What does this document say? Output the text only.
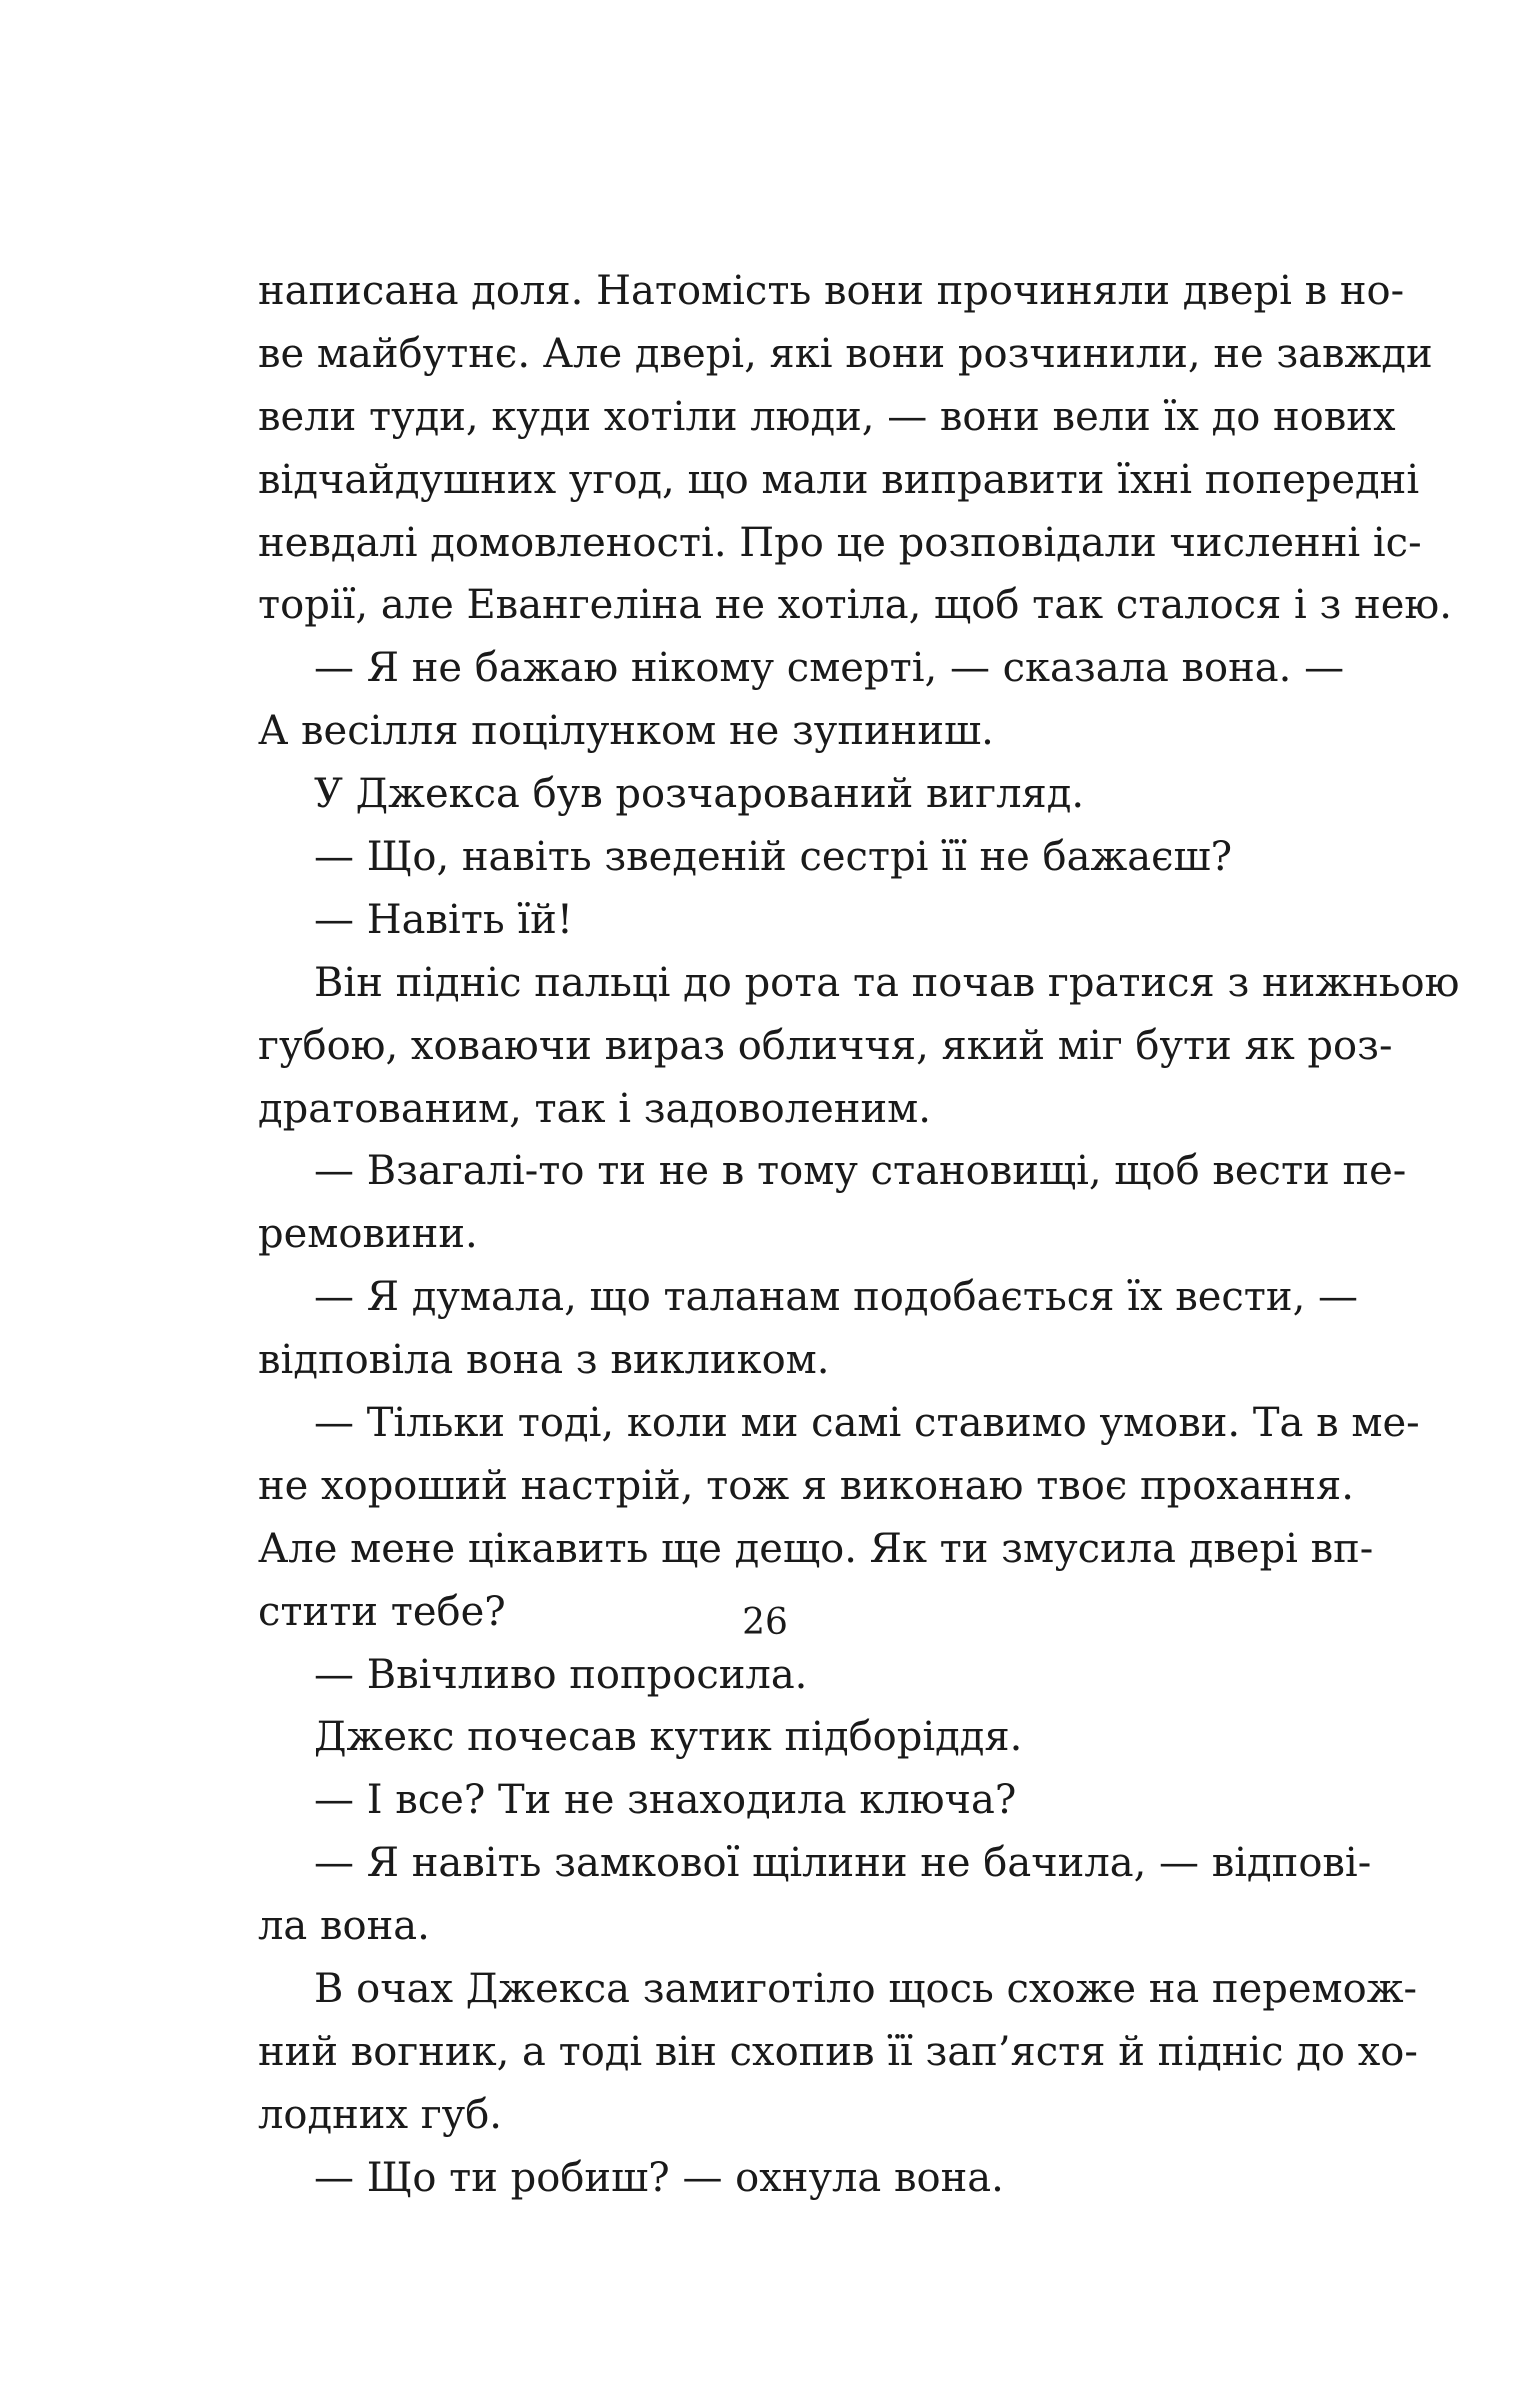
написана доля. Натомість вони прочиняли двері в но-
ве майбутнє. Але двері, які вони розчинили, не завжди
вели туди, куди хотіли люди, — вони вели їх до нових
відчайдушних угод, що мали виправити їхні попередні
невдалі домовленості. Про це розповідали численні іс-
торії, але Евангеліна не хотіла, щоб так сталося і з нею.
— Я не бажаю нікому смерті, — сказала вона. —
А весілля поцілунком не зупиниш.
У Джекса був розчарований вигляд.
— Що, навіть зведеній сестрі її не бажаєш?
— Навіть їй!
Він підніс пальці до рота та почав гратися з нижньою
губою, ховаючи вираз обличчя, який міг бути як роз-
дратованим, так і задоволеним.
— Взагалі-то ти не в тому становищі, щоб вести пе-
ремовини.
— Я думала, що таланам подобається їх вести, —
відповіла вона з викликом.
— Тільки тоді, коли ми самі ставимо умови. Та в ме-
не хороший настрій, тож я виконаю твоє прохання.
Але мене цікавить ще дещо. Як ти змусила двері вп-
стити тебе?
— Ввічливо попросила.
Джекс почесав кутик підборіддя.
— І все? Ти не знаходила ключа?
— Я навіть замкової щілини не бачила, — відпові-
ла вона.
В очах Джекса замиготіло щось схоже на перемож-
ний вогник, а тоді він схопив її зап’ястя й підніс до хо-
лодних губ.
— Що ти робиш? — охнула вона.
26
